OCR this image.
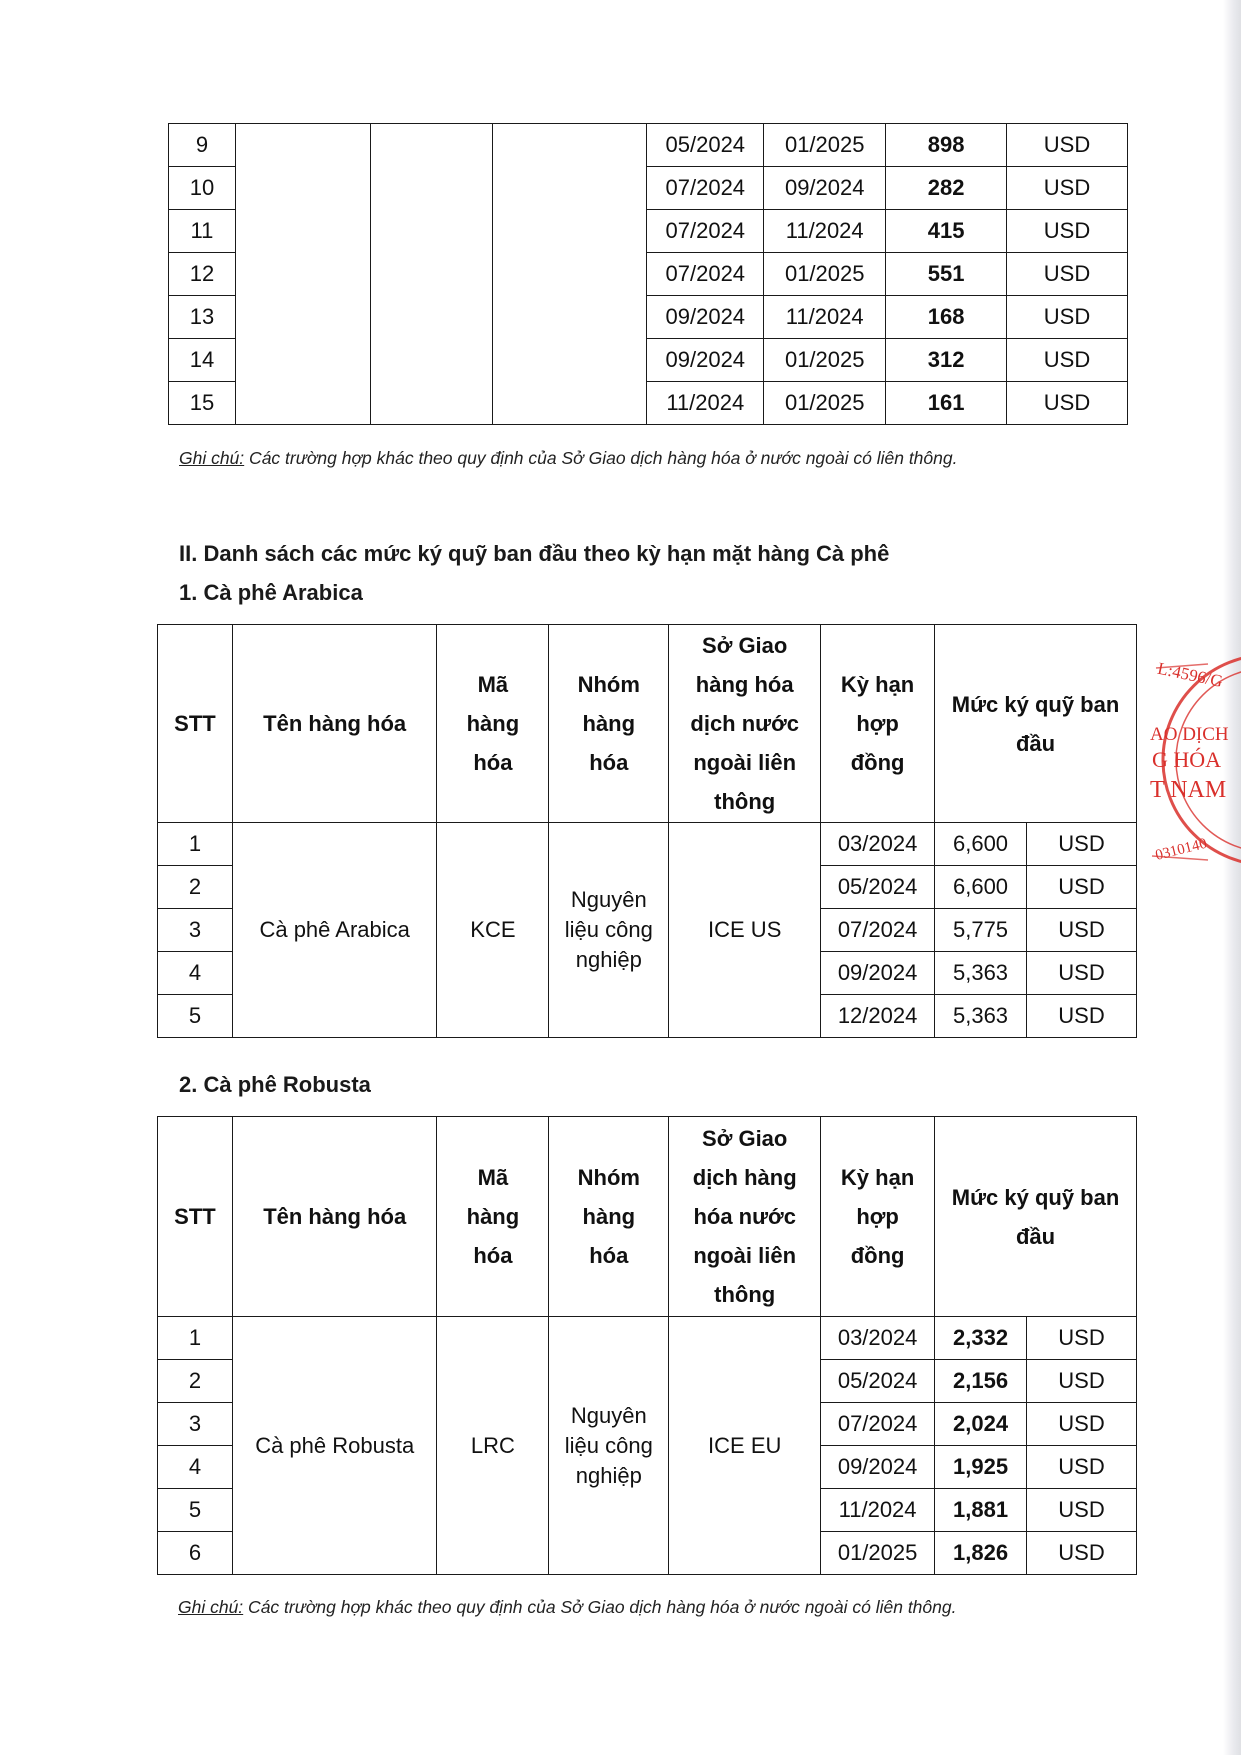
9				05/2024	01/2025	898	USD
10				07/2024	09/2024	282	USD
11				07/2024	11/2024	415	USD
12				07/2024	01/2025	551	USD
13				09/2024	11/2024	168	USD
14				09/2024	01/2025	312	USD
15				11/2024	01/2025	161	USD
Ghi chú: Các trường hợp khác theo quy định của Sở Giao dịch hàng hóa ở nước ngoài có liên thông.
II. Danh sách các mức ký quỹ ban đầu theo kỳ hạn mặt hàng Cà phê
1. Cà phê Arabica
STT	Tên hàng hóa	Mã hàng hóa	Nhóm hàng hóa	Sở Giao hàng hóa dịch nước ngoài liên thông	Kỳ hạn hợp đồng	Mức ký quỹ ban đầu	

1	Cà phê Arabica	KCE	Nguyên liệu công nghiệp	ICE US	03/2024	6,600	USD
2					05/2024	6,600	USD
3					07/2024	5,775	USD
4					09/2024	5,363	USD
5					12/2024	5,363	USD
2. Cà phê Robusta
STT	Tên hàng hóa	Mã hàng hóa	Nhóm hàng hóa	Sở Giao dịch hàng hóa nước ngoài liên thông	Kỳ hạn hợp đồng	Mức ký quỹ ban đầu	

1	Cà phê Robusta	LRC	Nguyên liệu công nghiệp	ICE EU	03/2024	2,332	USD
2					05/2024	2,156	USD
3					07/2024	2,024	USD
4					09/2024	1,925	USD
5					11/2024	1,881	USD
6					01/2025	1,826	USD
Ghi chú: Các trường hợp khác theo quy định của Sở Giao dịch hàng hóa ở nước ngoài có liên thông.
L:4596/G
AO DỊCH
G HÓA
T NAM
0310140
